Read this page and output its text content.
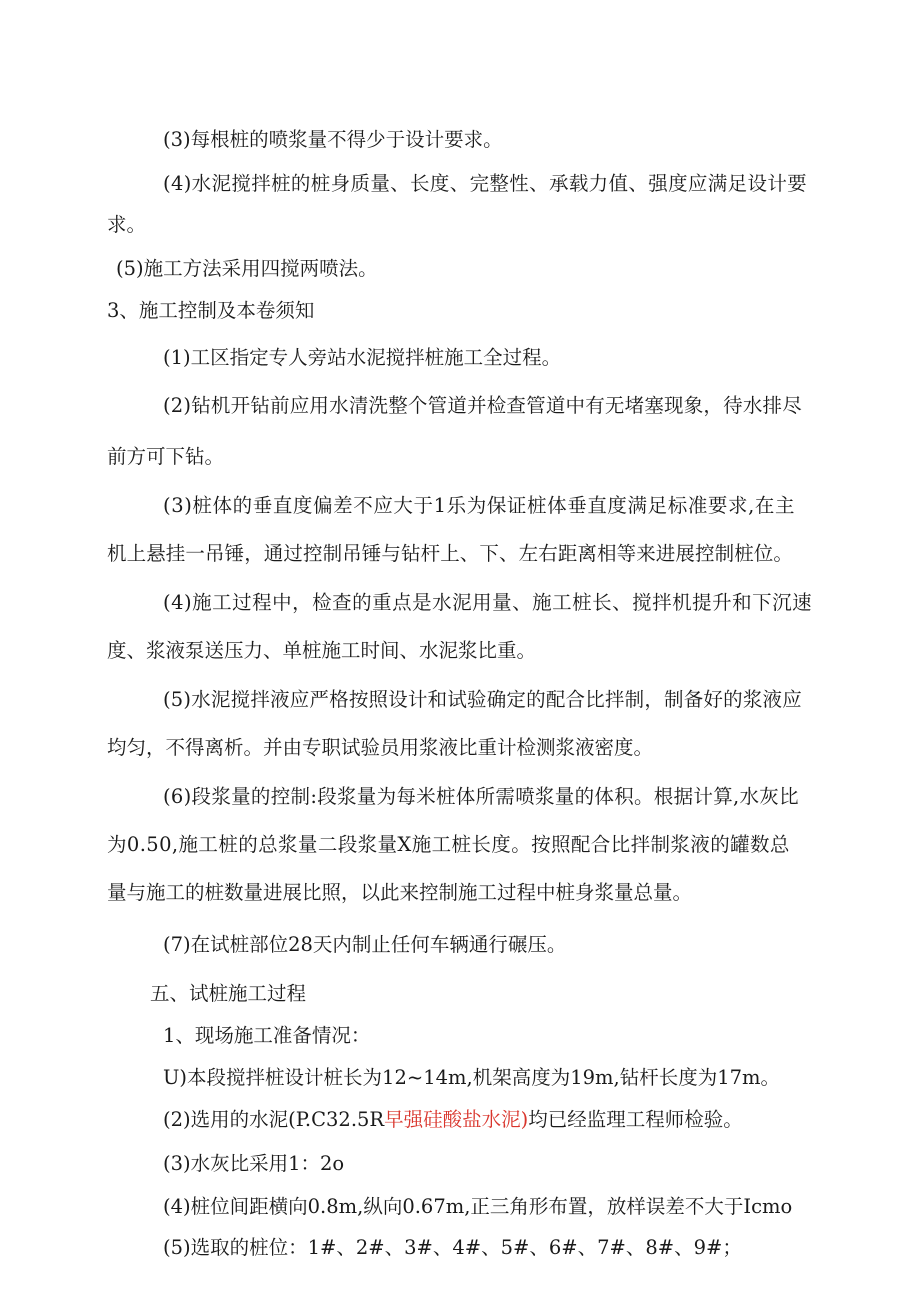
(3)每根桩的喷浆量不得少于设计要求。
(4)水泥搅拌桩的桩身质量、长度、完整性、承载力值、强度应满足设计要
求。
(5)施工方法采用四搅两喷法。
3、施工控制及本卷须知
(1)工区指定专人旁站水泥搅拌桩施工全过程。
(2)钻机开钻前应用水清洗整个管道并检查管道中有无堵塞现象，待水排尽
前方可下钻。
(3)桩体的垂直度偏差不应大于1乐为保证桩体垂直度满足标准要求,在主
机上悬挂一吊锤，通过控制吊锤与钻杆上、下、左右距离相等来进展控制桩位。
(4)施工过程中，检查的重点是水泥用量、施工桩长、搅拌机提升和下沉速
度、浆液泵送压力、单桩施工时间、水泥浆比重。
(5)水泥搅拌液应严格按照设计和试验确定的配合比拌制，制备好的浆液应
均匀，不得离析。并由专职试验员用浆液比重计检测浆液密度。
(6)段浆量的控制:段浆量为每米桩体所需喷浆量的体积。根据计算,水灰比
为0.50,施工桩的总浆量二段浆量X施工桩长度。按照配合比拌制浆液的罐数总
量与施工的桩数量进展比照，以此来控制施工过程中桩身浆量总量。
(7)在试桩部位28天内制止任何车辆通行碾压。
五、试桩施工过程
1、现场施工准备情况：
U)本段搅拌桩设计桩长为12~14m,机架高度为19m,钻杆长度为17m。
(2)选用的水泥(P.C32.5R早强硅酸盐水泥)均已经监理工程师检验。
(3)水灰比采用1：2o
(4)桩位间距横向0.8m,纵向0.67m,正三角形布置，放样误差不大于Icmo
(5)选取的桩位：1#、2#、3#、4#、5#、6#、7#、8#、9#；
